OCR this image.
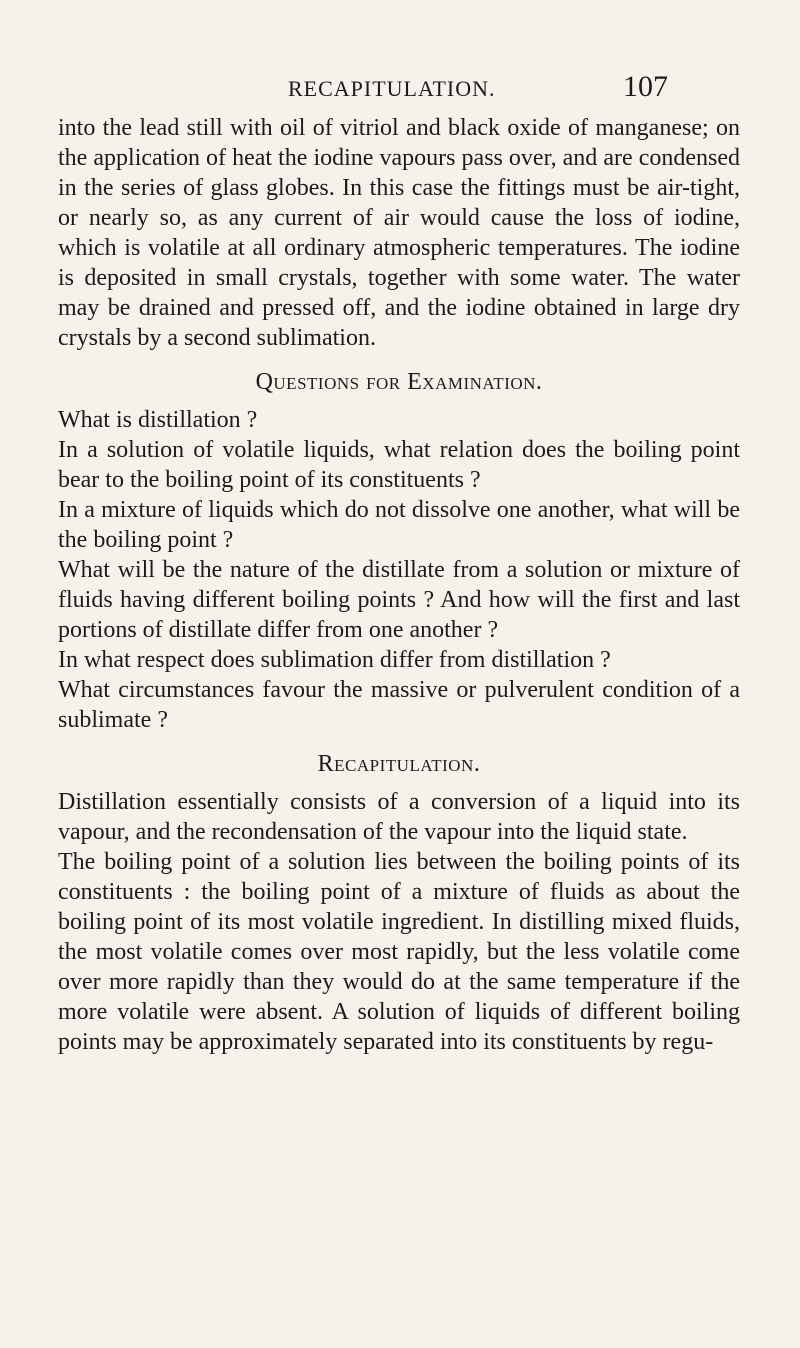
RECAPITULATION.	107

into the lead still with oil of vitriol and black oxide of manganese; on the application of heat the iodine vapours pass over, and are condensed in the series of glass globes. In this case the fittings must be air-tight, or nearly so, as any current of air would cause the loss of iodine, which is volatile at all ordinary atmospheric temperatures. The iodine is deposited in small crystals, together with some water. The water may be drained and pressed off, and the iodine obtained in large dry crystals by a second sublimation.

Questions for Examination.

What is distillation ?

In a solution of volatile liquids, what relation does the boiling point bear to the boiling point of its constituents ?

In a mixture of liquids which do not dissolve one another, what will be the boiling point ?

What will be the nature of the distillate from a solution or mixture of fluids having different boiling points ? And how will the first and last portions of distillate differ from one another ?

In what respect does sublimation differ from distillation ?

What circumstances favour the massive or pulverulent condition of a sublimate ?

Recapitulation.

Distillation essentially consists of a conversion of a liquid into its vapour, and the recondensation of the vapour into the liquid state.

The boiling point of a solution lies between the boiling points of its constituents : the boiling point of a mixture of fluids as about the boiling point of its most volatile ingredient. In distilling mixed fluids, the most volatile comes over most rapidly, but the less volatile come over more rapidly than they would do at the same temperature if the more volatile were absent. A solution of liquids of different boiling points may be approximately separated into its constituents by regu-
